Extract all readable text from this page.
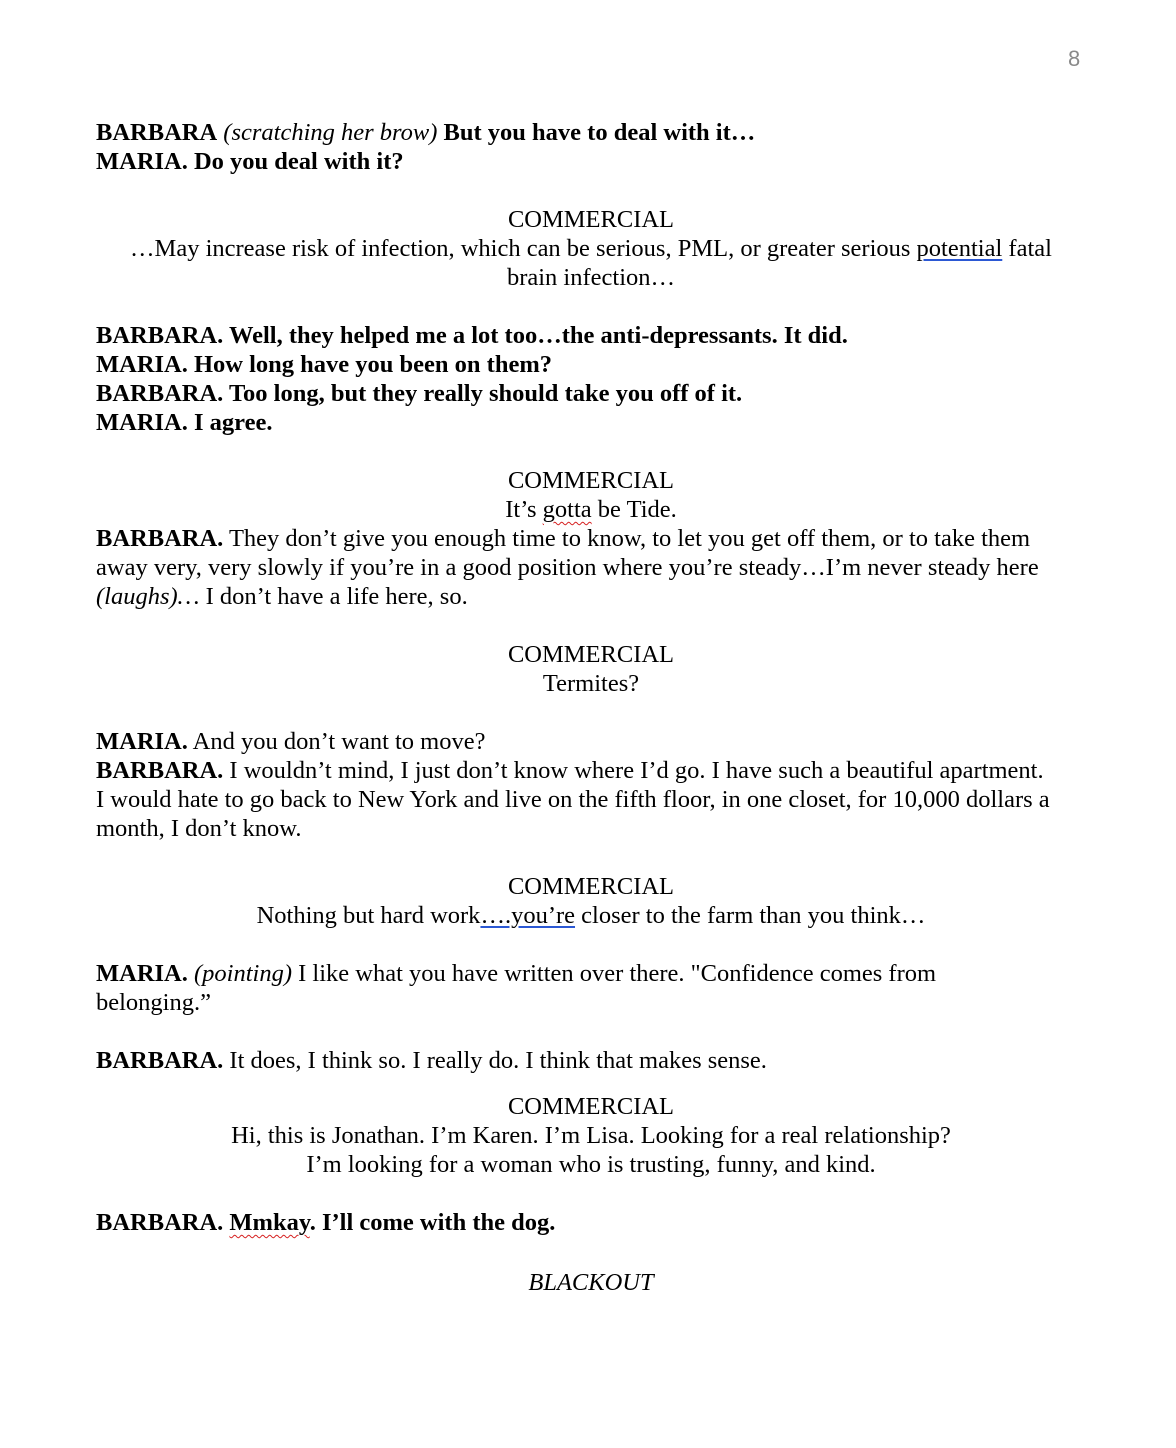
8
BARBARA (scratching her brow) But you have to deal with it…
MARIA. Do you deal with it?
COMMERCIAL
…May increase risk of infection, which can be serious, PML, or greater serious potential fatal
brain infection…
BARBARA. Well, they helped me a lot too…the anti-depressants. It did.
MARIA. How long have you been on them?
BARBARA. Too long, but they really should take you off of it.
MARIA. I agree.
COMMERCIAL
It’s gotta be Tide.
BARBARA. They don’t give you enough time to know, to let you get off them, or to take them
away very, very slowly if you’re in a good position where you’re steady…I’m never steady here
(laughs)… I don’t have a life here, so.
COMMERCIAL
Termites?
MARIA. And you don’t want to move?
BARBARA. I wouldn’t mind, I just don’t know where I’d go. I have such a beautiful apartment.
I would hate to go back to New York and live on the fifth floor, in one closet, for 10,000 dollars a
month, I don’t know.
COMMERCIAL
Nothing but hard work….you’re closer to the farm than you think…
MARIA. (pointing) I like what you have written over there. "Confidence comes from
belonging.”
BARBARA. It does, I think so. I really do. I think that makes sense.
COMMERCIAL
Hi, this is Jonathan. I’m Karen. I’m Lisa. Looking for a real relationship?
I’m looking for a woman who is trusting, funny, and kind.
BARBARA. Mmkay. I’ll come with the dog.
BLACKOUT
